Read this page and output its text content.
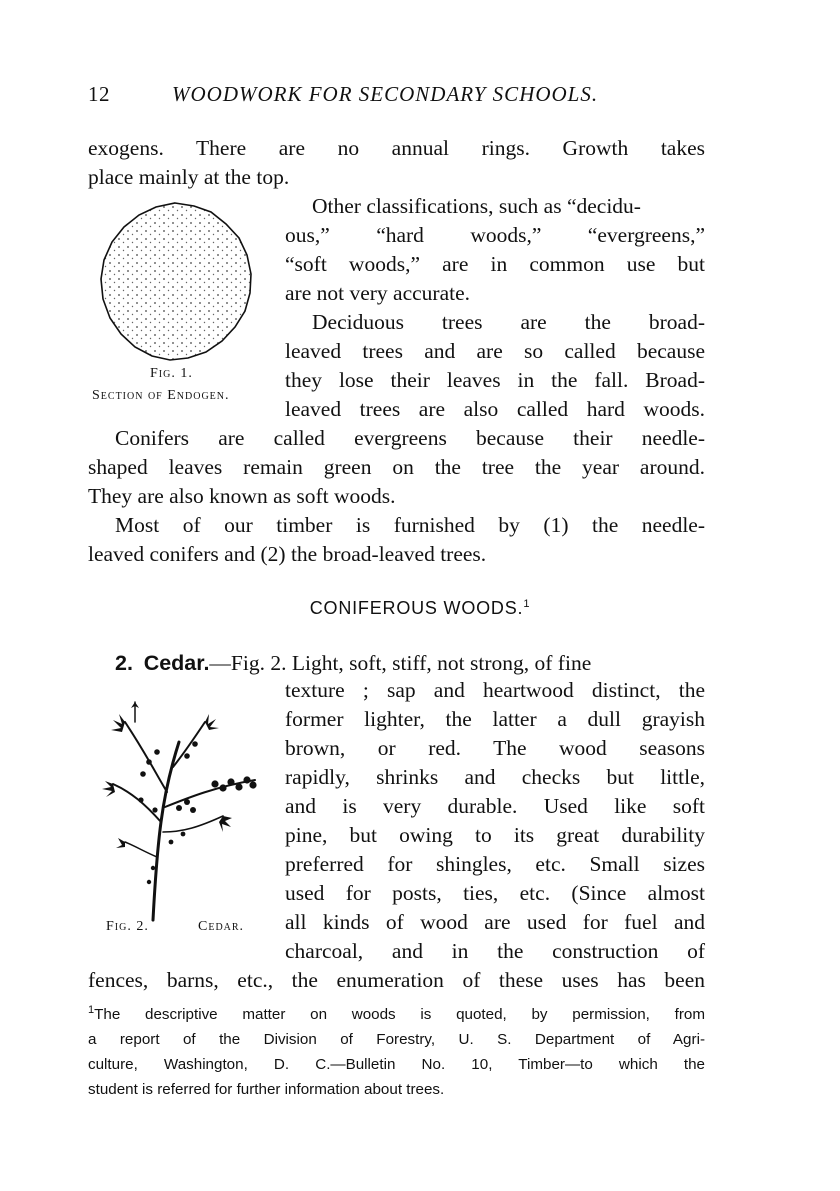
12	WOODWORK FOR SECONDARY SCHOOLS.
exogens. There are no annual rings. Growth takes
place mainly at the top.
Fig. 1.
Section of Endogen.
Other classifications, such as “decidu-
ous,” “hard woods,” “evergreens,”
“soft woods,” are in common use but
are not very accurate.
Deciduous trees are the broad-
leaved trees and are so called because
they lose their leaves in the fall. Broad-
leaved trees are also called hard woods.
Conifers are called evergreens because their needle-
shaped leaves remain green on the tree the year around.
They are also known as soft woods.
Most of our timber is furnished by (1) the needle-
leaved conifers and (2) the broad-leaved trees.
CONIFEROUS WOODS.$^1$
2. Cedar.—Fig. 2. Light, soft, stiff, not strong, of fine
Fig. 2.	Cedar.
texture ; sap and heartwood distinct, the
former lighter, the latter a dull grayish
brown, or red. The wood seasons
rapidly, shrinks and checks but little,
and is very durable. Used like soft
pine, but owing to its great durability
preferred for shingles, etc. Small sizes
used for posts, ties, etc. (Since almost
all kinds of wood are used for fuel and
charcoal, and in the construction of
fences, barns, etc., the enumeration of these uses has been
$^1$The descriptive matter on woods is quoted, by permission, from
a report of the Division of Forestry, U. S. Department of Agri-
culture, Washington, D. C.—Bulletin No. 10, Timber—to which the
student is referred for further information about trees.
